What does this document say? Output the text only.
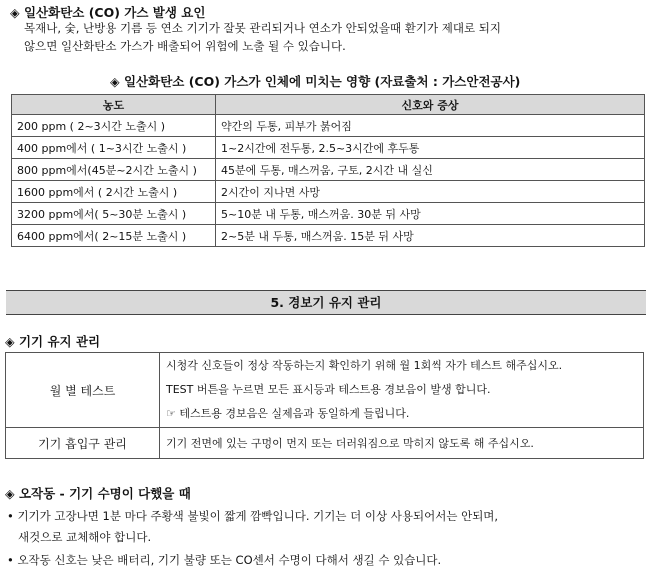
◈ 일산화탄소 (CO) 가스 발생 요인
목재나, 숯, 난방용 기름 등 연소 기기가 잘못 관리되거나 연소가 안되었을때 환기가 제대로 되지
않으면 일산화탄소 가스가 배출되어 위험에 노출 될 수 있습니다.
◈ 일산화탄소 (CO) 가스가 인체에 미치는 영향 (자료출처 : 가스안전공사)
농도	신호와 증상
200 ppm ( 2~3시간 노출시 )	약간의 두통, 피부가 붉어짐
400 ppm에서 ( 1~3시간 노출시 )	1~2시간에 전두통, 2.5~3시간에 후두통
800 ppm에서(45분~2시간 노출시 )	45분에 두통, 매스꺼움, 구토, 2시간 내 실신
1600 ppm에서 ( 2시간 노출시 )	2시간이 지나면 사망
3200 ppm에서( 5~30분 노출시 )	5~10분 내 두통, 매스꺼움. 30분 뒤 사망
6400 ppm에서( 2~15분 노출시 )	2~5분 내 두통, 매스꺼움. 15분 뒤 사망
5. 경보기 유지 관리
◈ 기기 유지 관리
월 별 테스트	시청각 신호들이 정상 작동하는지 확인하기 위해 월 1회씩 자가 테스트 해주십시오.
TEST 버튼을 누르면 모든 표시등과 테스트용 경보음이 발생 합니다.
☞ 테스트용 경보음은 실제음과 동일하게 들립니다.

기기 흡입구 관리	기기 전면에 있는 구멍이 먼지 또는 더러워짐으로 막히지 않도록 해 주십시오.
◈ 오작동 - 기기 수명이 다했을 때
• 기기가 고장나면 1분 마다 주황색 불빛이 짧게 깜빡입니다. 기기는 더 이상 사용되어서는 안되며,
새것으로 교체해야 합니다.
• 오작동 신호는 낮은 배터리, 기기 불량 또는 CO센서 수명이 다해서 생길 수 있습니다.
